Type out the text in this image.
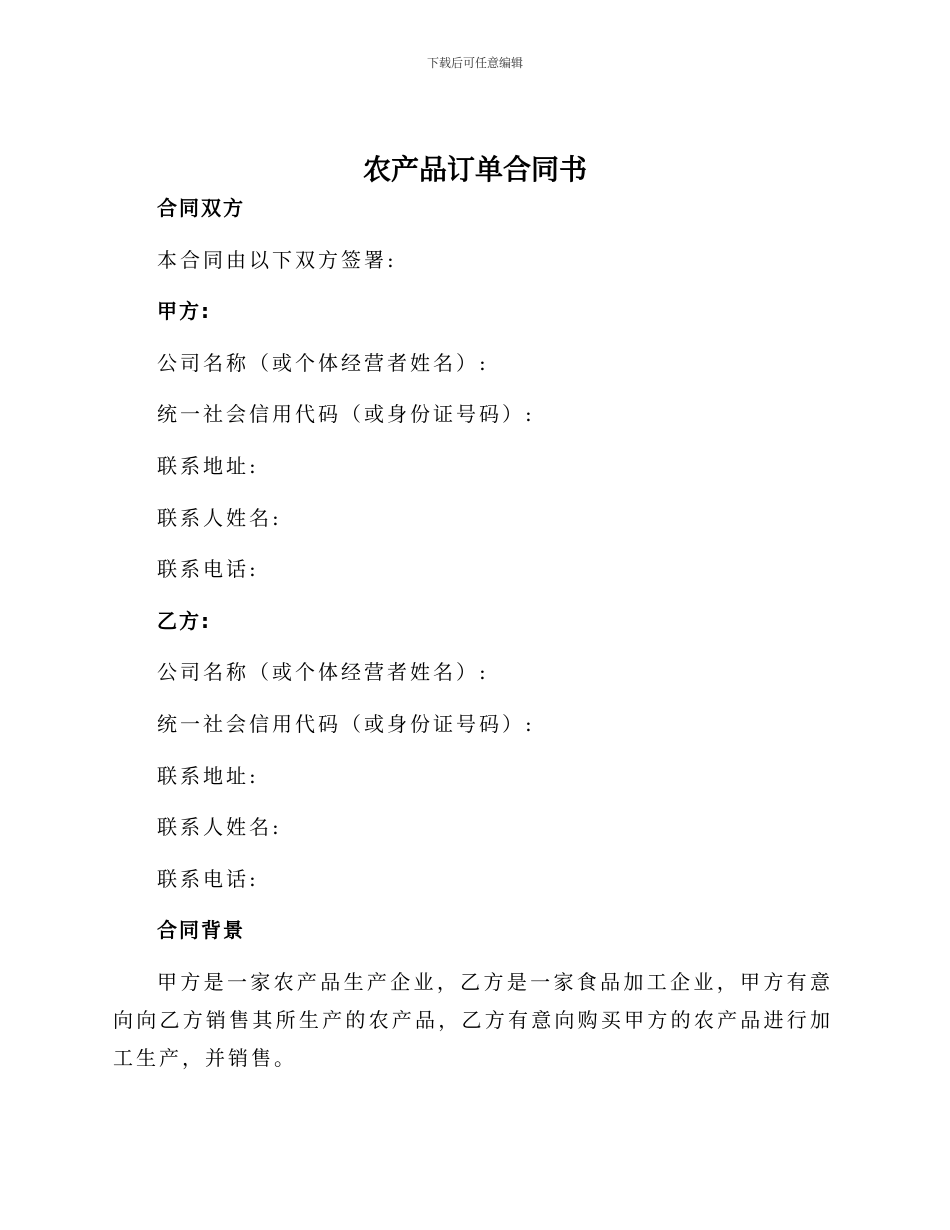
下载后可任意编辑
农产品订单合同书
合同双方
本合同由以下双方签署:
甲方:
公司名称（或个体经营者姓名）:
统一社会信用代码（或身份证号码）:
联系地址:
联系人姓名:
联系电话:
乙方:
公司名称（或个体经营者姓名）:
统一社会信用代码（或身份证号码）:
联系地址:
联系人姓名:
联系电话:
合同背景
甲方是一家农产品生产企业，乙方是一家食品加工企业，甲方有意向向乙方销售其所生产的农产品，乙方有意向购买甲方的农产品进行加工生产，并销售。
